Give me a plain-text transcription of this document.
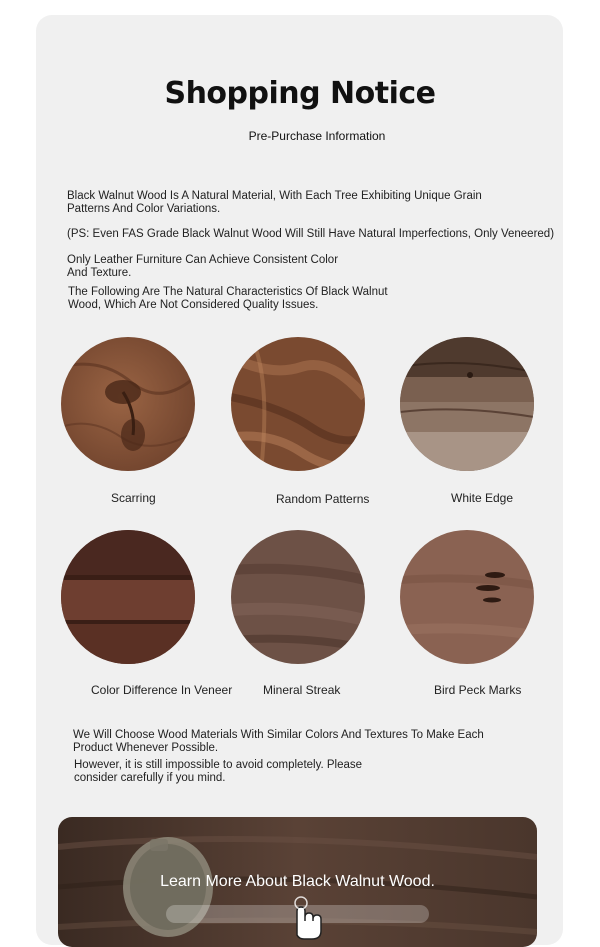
Shopping Notice
Pre-Purchase Information
Black Walnut Wood Is A Natural Material, With Each Tree Exhibiting Unique Grain Patterns And Color Variations.
(PS: Even FAS Grade Black Walnut Wood Will Still Have Natural Imperfections, Only Veneered)
Only Leather Furniture Can Achieve Consistent Color And Texture.
The Following Are The Natural Characteristics Of Black Walnut Wood, Which Are Not Considered Quality Issues.
Scarring	Random Patterns	White Edge
Color Difference In Veneer	Mineral Streak	Bird Peck Marks
We Will Choose Wood Materials With Similar Colors And Textures To Make Each Product Whenever Possible.
However, it is still impossible to avoid completely. Please consider carefully if you mind.
Learn More About Black Walnut Wood.
